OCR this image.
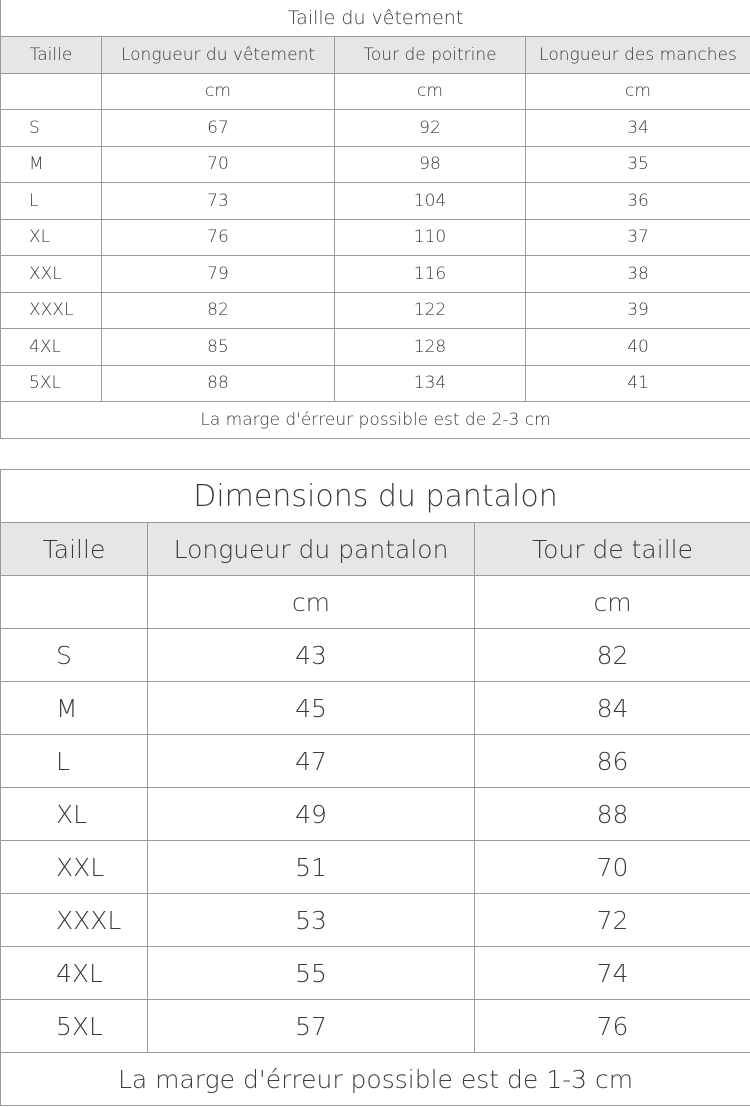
Taille du vêtement			
Taille	Longueur du vêtement	Tour de poitrine	Longueur des manches
	cm	cm	cm
S	67	92	34
M	70	98	35
L	73	104	36
XL	76	110	37
XXL	79	116	38
XXXL	82	122	39
4XL	85	128	40
5XL	88	134	41
La marge d'érreur possible est de 2-3 cm			
Dimensions du pantalon		
Taille	Longueur du pantalon	Tour de taille
	cm	cm
S	43	82
M	45	84
L	47	86
XL	49	88
XXL	51	70
XXXL	53	72
4XL	55	74
5XL	57	76
La marge d'érreur possible est de 1-3 cm		
